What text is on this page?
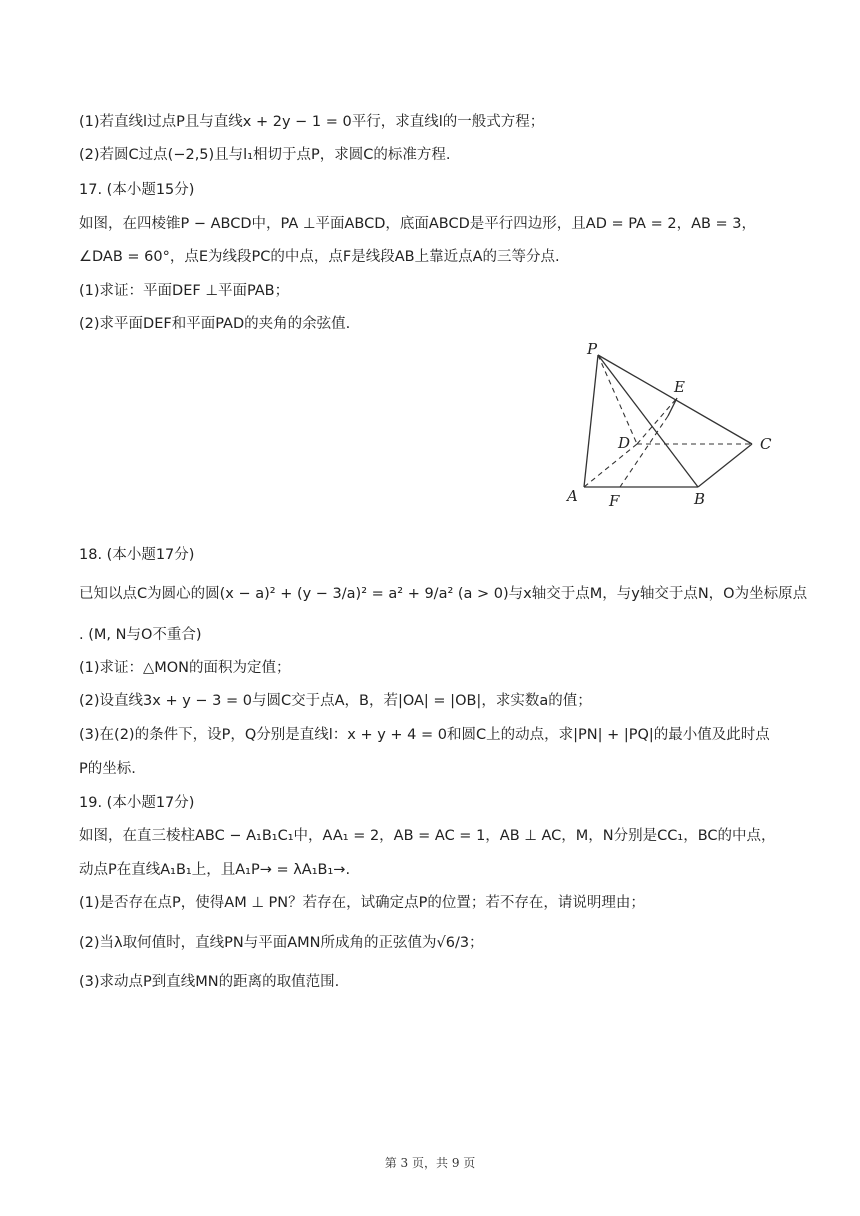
(1)若直线l过点P且与直线x + 2y − 1 = 0平行，求直线l的一般式方程；
(2)若圆C过点(−2,5)且与l₁相切于点P，求圆C的标准方程.
17. (本小题15分)
如图，在四棱锥P − ABCD中，PA ⊥平面ABCD，底面ABCD是平行四边形，且AD = PA = 2，AB = 3，
∠DAB = 60°，点E为线段PC的中点，点F是线段AB上靠近点A的三等分点.
(1)求证：平面DEF ⊥平面PAB；
(2)求平面DEF和平面PAD的夹角的余弦值.
P
E
D	C
A F	B
18. (本小题17分)
已知以点C为圆心的圆(x − a)² + (y − 3/a)² = a² + 9/a² (a > 0)与x轴交于点M，与y轴交于点N，O为坐标原点
. (M, N与O不重合)
(1)求证：△MON的面积为定值；
(2)设直线3x + y − 3 = 0与圆C交于点A，B，若|OA| = |OB|，求实数a的值；
(3)在(2)的条件下，设P，Q分别是直线l：x + y + 4 = 0和圆C上的动点，求|PN| + |PQ|的最小值及此时点
P的坐标.
19. (本小题17分)
如图，在直三棱柱ABC − A₁B₁C₁中，AA₁ = 2，AB = AC = 1，AB ⊥ AC，M，N分别是CC₁，BC的中点，
动点P在直线A₁B₁上，且A₁P→ = λA₁B₁→.
(1)是否存在点P，使得AM ⊥ PN？若存在，试确定点P的位置；若不存在，请说明理由；
(2)当λ取何值时，直线PN与平面AMN所成角的正弦值为√6/3；
(3)求动点P到直线MN的距离的取值范围.
第 3 页，共 9 页
